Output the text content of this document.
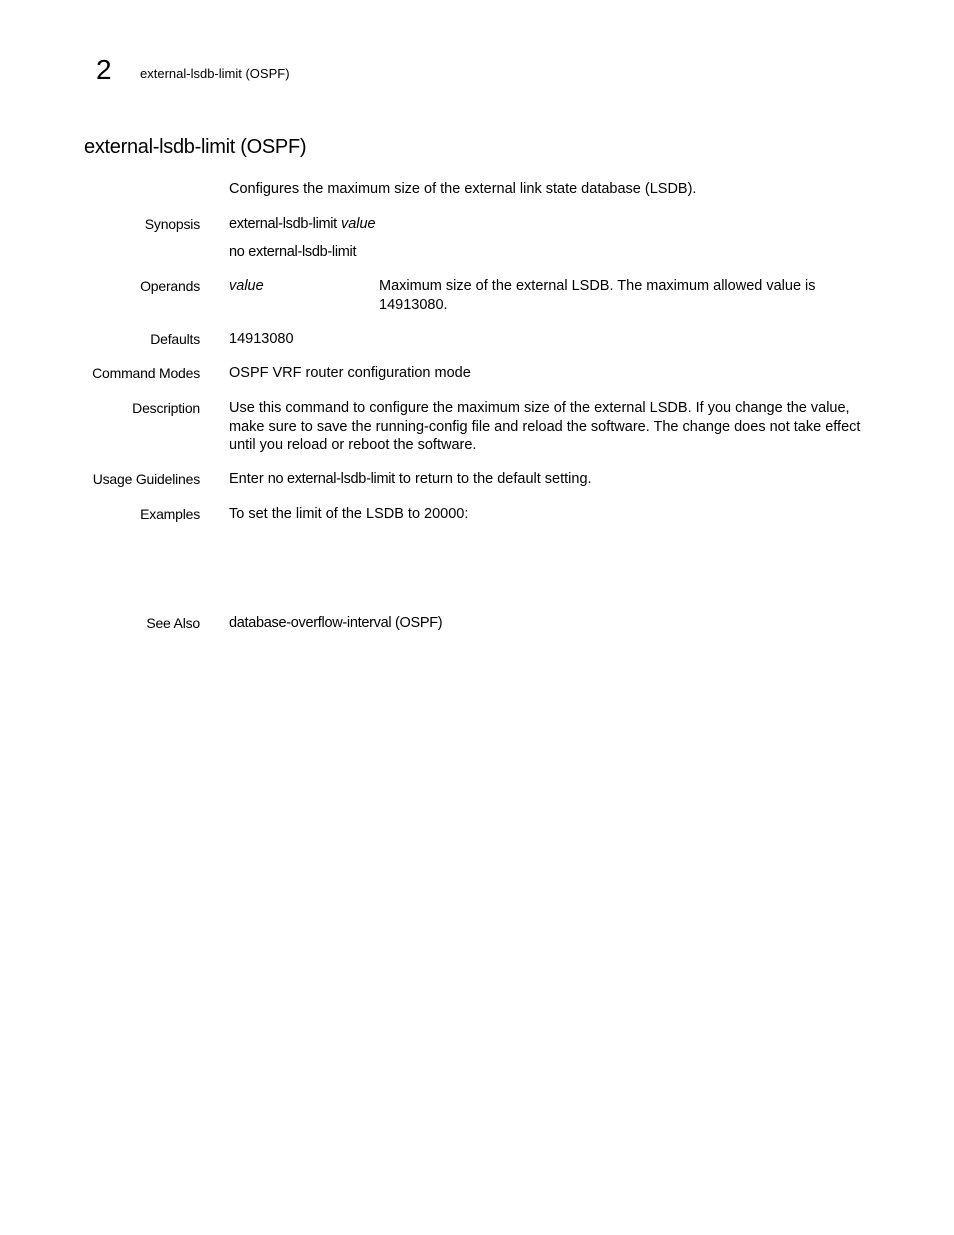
2 external-lsdb-limit (OSPF)
external-lsdb-limit (OSPF)
Configures the maximum size of the external link state database (LSDB).
Synopsis external-lsdb-limit value
no external-lsdb-limit
Operands value	Maximum size of the external LSDB. The maximum allowed value is 14913080.
Defaults 14913080
Command Modes OSPF VRF router configuration mode
Description Use this command to configure the maximum size of the external LSDB. If you change the value, make sure to save the running-config file and reload the software. The change does not take effect until you reload or reboot the software.
Usage Guidelines Enter no external-lsdb-limit to return to the default setting.
Examples To set the limit of the LSDB to 20000:
See Also database-overflow-interval (OSPF)
